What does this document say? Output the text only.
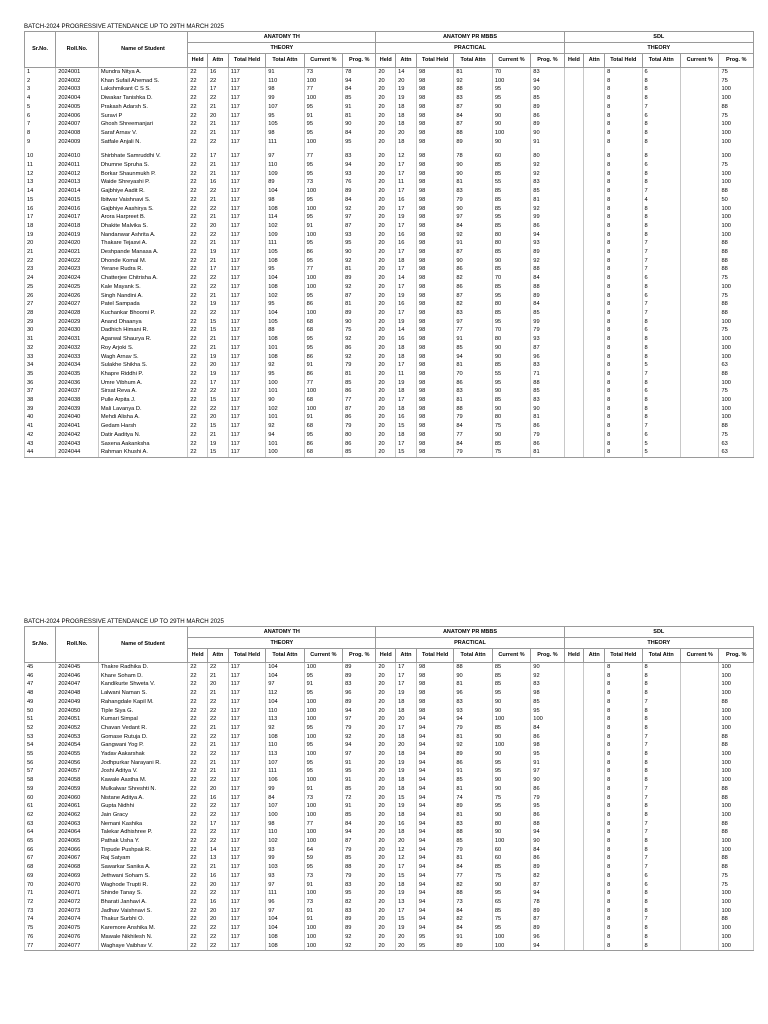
BATCH-2024 PROGRESSIVE ATTENDANCE UP TO 29TH MARCH 2025
Sr.No.	Roll.No.	Name of Student	ANATOMY TH						ANATOMY PR MBBS						SDL					
			THEORY						PRACTICAL						THEORY					
			Held	Attn	Total Held	Total Attn	Current %	Prog. %	Held	Attn	Total Held	Total Attn	Current %	Prog. %	Held	Attn	Total Held	Total Attn	Current %	Prog. %
1	2024001	Mundra Nitya A.	22	16	117	91	73	78	20	14	98	81	70	83			8	6		75
2	2024002	Khan Sufail Ahemad S.	22	22	117	110	100	94	20	20	98	92	100	94			8	8		75
3	2024003	Lakshmikant C S S.	22	17	117	98	77	84	20	19	98	88	95	90			8	8		100
4	2024004	Diwakar Tanishka D.	22	22	117	99	100	85	20	19	98	83	95	85			8	8		100
5	2024005	Prakash Adarsh S.	22	21	117	107	95	91	20	18	98	87	90	89			8	7		88
6	2024006	Suravi P	22	20	117	95	91	81	20	18	98	84	90	86			8	6		75
7	2024007	Ghosh Shreemanjari	22	21	117	105	95	90	20	18	98	87	90	89			8	8		100
8	2024008	Saraf Arnav V.	22	21	117	98	95	84	20	20	98	88	100	90			8	8		100
9	2024009	Satfale Anjali N.	22	22	117	111	100	95	20	18	98	89	90	91			8	8		100

10	2024010	Shirbhate Samruddhi V.	22	17	117	97	77	83	20	12	98	78	60	80			8	8		100
11	2024011	Dhumne Spruha S.	22	21	117	110	95	94	20	17	98	90	85	92			8	6		75
12	2024012	Borkar Shaunmukh P.	22	21	117	109	95	93	20	17	98	90	85	92			8	8		100
13	2024013	Waide Shreyashi P.	22	16	117	89	73	76	20	11	98	81	55	83			8	8		100
14	2024014	Gajbhiye Aadit R.	22	22	117	104	100	89	20	17	98	83	85	85			8	7		88
15	2024015	Ibitwar Vaishnavi S.	22	21	117	98	95	84	20	16	98	79	85	81			8	4		50
16	2024016	Gajbhiye Aashirya S.	22	22	117	108	100	92	20	17	98	90	85	92			8	8		100
17	2024017	Arora Harpreet B.	22	21	117	114	95	97	20	19	98	97	95	99			8	8		100
18	2024018	Dhakite Malvika S.	22	20	117	102	91	87	20	17	98	84	85	86			8	8		100
19	2024019	Nandanwar Ashrita A.	22	22	117	109	100	93	20	16	98	92	80	94			8	8		100
20	2024020	Thakare Tejasvi A.	22	21	117	111	95	95	20	16	98	91	80	93			8	7		88
21	2024021	Deshpande Manasa A.	22	19	117	105	86	90	20	17	98	87	85	89			8	7		88
22	2024022	Dhonde Komal M.	22	21	117	108	95	92	20	18	98	90	90	92			8	7		88
23	2024023	Yerane Rudra R.	22	17	117	95	77	81	20	17	98	86	85	88			8	7		88
24	2024024	Chatterjee Chitrisha A.	22	22	117	104	100	89	20	14	98	82	70	84			8	6		75
25	2024025	Kale Mayank S.	22	22	117	108	100	92	20	17	98	86	85	88			8	8		100
26	2024026	Singh Nandini A.	22	21	117	102	95	87	20	19	98	87	95	89			8	6		75
27	2024027	Patel Sampada	22	19	117	95	86	81	20	16	98	82	80	84			8	7		88
28	2024028	Kuchankar Bhoomi P.	22	22	117	104	100	89	20	17	98	83	85	85			8	7		88
29	2024029	Anand Dhaanya	22	15	117	105	68	90	20	19	98	97	95	99			8	8		100
30	2024030	Dadhich Himani R.	22	15	117	88	68	75	20	14	98	77	70	79			8	6		75
31	2024031	Agarwal Shaurya R.	22	21	117	108	95	92	20	16	98	91	80	93			8	8		100
32	2024032	Roy Arjoki S.	22	21	117	101	95	86	20	18	98	85	90	87			8	8		100
33	2024033	Wagh Arnav S.	22	19	117	108	86	92	20	18	98	94	90	96			8	8		100
34	2024034	Sulakhe Shikha S.	22	20	117	92	91	79	20	17	98	81	85	83			8	5		63
35	2024035	Khapre Riddhi P.	22	19	117	95	86	81	20	11	98	70	55	71			8	7		88
36	2024036	Umre Vibhum A.	22	17	117	100	77	85	20	19	98	86	95	88			8	8		100
37	2024037	Sirsat Reva A.	22	22	117	101	100	86	20	18	98	83	90	85			8	6		75
38	2024038	Pulle Arpita J.	22	15	117	90	68	77	20	17	98	81	85	83			8	8		100
39	2024039	Mali Lavanya D.	22	22	117	102	100	87	20	18	98	88	90	90			8	8		100
40	2024040	Mehdi Alisha A.	22	20	117	101	91	86	20	16	98	79	80	81			8	8		100
41	2024041	Gedam Harsh	22	15	117	92	68	79	20	15	98	84	75	86			8	7		88
42	2024042	Datir Aaditya N.	22	21	117	94	95	80	20	18	98	77	90	79			8	6		75
43	2024043	Saxena Aakanksha	22	19	117	101	86	86	20	17	98	84	85	86			8	5		63
44	2024044	Rahman Khushi A.	22	15	117	100	68	85	20	15	98	79	75	81			8	5		63
BATCH-2024 PROGRESSIVE ATTENDANCE UP TO 29TH MARCH 2025
Sr.No.	Roll.No.	Name of Student	ANATOMY TH						ANATOMY PR MBBS						SDL					
			THEORY						PRACTICAL						THEORY					
			Held	Attn	Total Held	Total Attn	Current %	Prog. %	Held	Attn	Total Held	Total Attn	Current %	Prog. %	Held	Attn	Total Held	Total Attn	Current %	Prog. %
45	2024045	Thakre Radhika D.	22	22	117	104	100	89	20	17	98	88	85	90			8	8		100
46	2024046	Khare Soham D.	22	21	117	104	95	89	20	17	98	90	85	92			8	8		100
47	2024047	Kandikurte Shweta V.	22	20	117	97	91	83	20	17	98	81	85	83			8	8		100
48	2024048	Lalwani Naman S.	22	21	117	112	95	96	20	19	98	96	95	98			8	8		100
49	2024049	Rahangdale Kapil M.	22	22	117	104	100	89	20	18	98	83	90	85			8	7		88
50	2024050	Tiple Siya G.	22	22	117	110	100	94	20	18	98	93	90	95			8	8		100
51	2024051	Kumari Simpal	22	22	117	113	100	97	20	20	94	94	100	100			8	8		100
52	2024052	Chavan Vedant R.	22	21	117	92	95	79	20	17	94	79	85	84			8	8		100
53	2024053	Gomase Rutuja D.	22	22	117	108	100	92	20	18	94	81	90	86			8	7		88
54	2024054	Gangwani Yog P.	22	21	117	110	95	94	20	20	94	92	100	98			8	7		88
55	2024055	Yadav Aakarshak	22	22	117	113	100	97	20	18	94	89	90	95			8	8		100
56	2024056	Jodhpurkar Narayani R.	22	21	117	107	95	91	20	19	94	86	95	91			8	8		100
57	2024057	Joshi Aditya V.	22	21	117	111	95	95	20	19	94	91	95	97			8	8		100
58	2024058	Kawale Aastha M.	22	22	117	106	100	91	20	18	94	85	90	90			8	8		100
59	2024059	Mulkalwar Shreshti N.	22	20	117	99	91	85	20	18	94	81	90	86			8	7		88
60	2024060	Nistane Aditya A.	22	16	117	84	73	72	20	15	94	74	75	79			8	7		88
61	2024061	Gupta Nidhhi	22	22	117	107	100	91	20	19	94	89	95	95			8	8		100
62	2024062	Jain Gracy	22	22	117	100	100	85	20	18	94	81	90	86			8	8		100
63	2024063	Nemani Kashika	22	17	117	98	77	84	20	16	94	83	80	88			8	7		88
64	2024064	Talekar Adhishree P.	22	22	117	110	100	94	20	18	94	88	90	94			8	7		88
65	2024065	Pathak Usha Y.	22	22	117	102	100	87	20	20	94	85	100	90			8	8		100
66	2024066	Tirpude Pushpak R.	22	14	117	93	64	79	20	12	94	79	60	84			8	8		100
67	2024067	Raj Satyam	22	13	117	99	59	85	20	12	94	81	60	86			8	7		88
68	2024068	Sawarkar Sanika A.	22	21	117	103	95	88	20	17	94	84	85	89			8	7		88
69	2024069	Jethwani Soham S.	22	16	117	93	73	79	20	15	94	77	75	82			8	6		75
70	2024070	Waghode Trupti R.	22	20	117	97	91	83	20	18	94	82	90	87			8	6		75
71	2024071	Shinde Tanay S.	22	22	117	111	100	95	20	19	94	88	95	94			8	8		100
72	2024072	Bharati Janhavi A.	22	16	117	96	73	82	20	13	94	73	65	78			8	8		100
73	2024073	Jadhav Vaishnavi S.	22	20	117	97	91	83	20	17	94	84	85	89			8	8		100
74	2024074	Thakur Surbhi O.	22	20	117	104	91	89	20	15	94	82	75	87			8	7		88
75	2024075	Karemore Anshika M.	22	22	117	104	100	89	20	19	94	84	95	89			8	8		100
76	2024076	Mawale Nikhilesh N.	22	22	117	108	100	92	20	20	95	91	100	96			8	8		100
77	2024077	Waghaye Vaibhav V.	22	22	117	108	100	92	20	20	95	89	100	94			8	8		100
